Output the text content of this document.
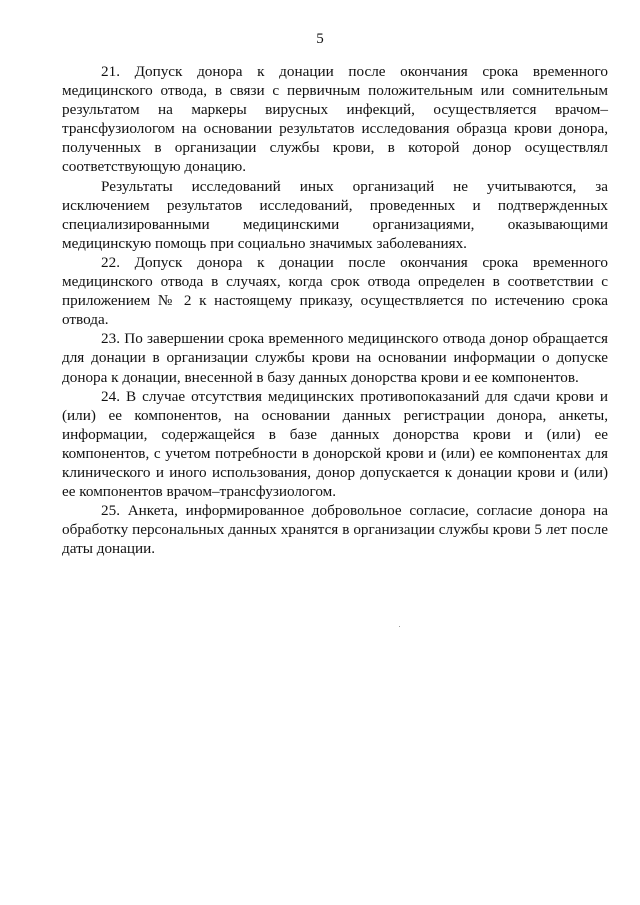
5

21. Допуск донора к донации после окончания срока временного медицинского отвода, в связи с первичным положительным или сомнительным результатом на маркеры вирусных инфекций, осуществляется врачом–трансфузиологом на основании результатов исследования образца крови донора, полученных в организации службы крови, в которой донор осуществлял соответствующую донацию.

Результаты исследований иных организаций не учитываются, за исключением результатов исследований, проведенных и подтвержденных специализированными медицинскими организациями, оказывающими медицинскую помощь при социально значимых заболеваниях.

22. Допуск донора к донации после окончания срока временного медицинского отвода в случаях, когда срок отвода определен в соответствии с приложением № 2 к настоящему приказу, осуществляется по истечению срока отвода.

23. По завершении срока временного медицинского отвода донор обращается для донации в организации службы крови на основании информации о допуске донора к донации, внесенной в базу данных донорства крови и ее компонентов.

24. В случае отсутствия медицинских противопоказаний для сдачи крови и (или) ее компонентов, на основании данных регистрации донора, анкеты, информации, содержащейся в базе данных донорства крови и (или) ее компонентов, с учетом потребности в донорской крови и (или) ее компонентах для клинического и иного использования, донор допускается к донации крови и (или) ее компонентов врачом–трансфузиологом.

25. Анкета, информированное добровольное согласие, согласие донора на обработку персональных данных хранятся в организации службы крови 5 лет после даты донации.
